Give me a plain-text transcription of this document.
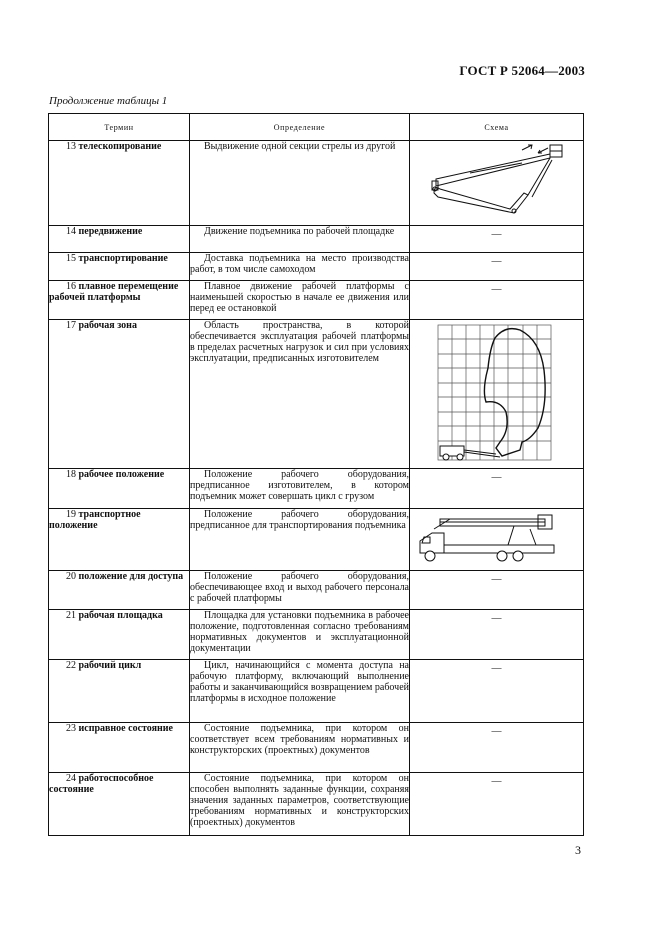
ГОСТ Р 52064—2003
Продолжение таблицы 1
Термин	Определение	Схема
13 телескопирование	Выдвижение одной секции стрелы из другой

14 передвижение	Движение подъемника по рабочей площадке	—

15 транспортирование	Доставка подъемника на место производства работ, в том числе самоходом	—

16 плавное перемещение рабочей платформы	Плавное движение рабочей платформы с наименьшей скоростью в начале ее движения или перед ее остановкой	—

17 рабочая зона	Область пространства, в которой обеспечивается эксплуатация рабочей платформы в пределах расчетных нагрузок и сил при условиях эксплуатации, предписанных изготовителем

18 рабочее положение	Положение рабочего оборудования, предписанное изготовителем, в котором подъемник может совершать цикл с грузом	—

19 транспортное положение	Положение рабочего оборудования, предписанное для транспортирования подъемника

20 положение для доступа	Положение рабочего оборудования, обеспечивающее вход и выход рабочего персонала с рабочей платформы	—

21 рабочая площадка	Площадка для установки подъемника в рабочее положение, подготовленная согласно требованиям нормативных документов и эксплуатационной документации	—

22 рабочий цикл	Цикл, начинающийся с момента доступа на рабочую платформу, включающий выполнение работы и заканчивающийся возвращением рабочей платформы в исходное положение	—

23 исправное состояние	Состояние подъемника, при котором он соответствует всем требованиям нормативных и конструкторских (проектных) документов	—

24 работоспособное состояние	Состояние подъемника, при котором он способен выполнять заданные функции, сохраняя значения заданных параметров, соответствующие требованиям нормативных и конструкторских (проектных) документов	—
3
